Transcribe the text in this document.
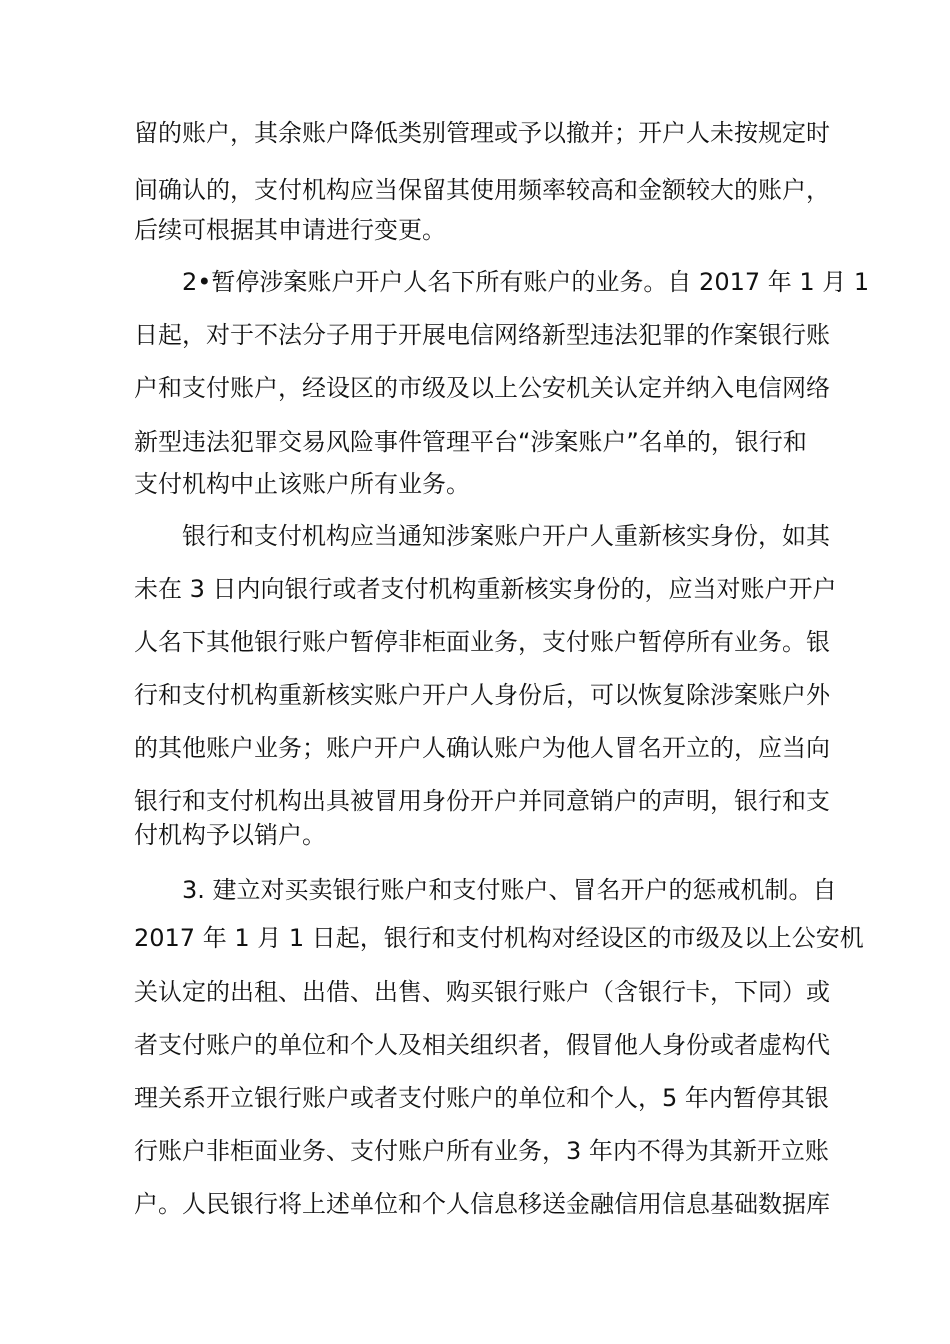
留的账户，其余账户降低类别管理或予以撤并；开户人未按规定时
间确认的，支付机构应当保留其使用频率较高和金额较大的账户，
后续可根据其申请进行变更。
2•暂停涉案账户开户人名下所有账户的业务。自 2017 年 1 月 1
日起，对于不法分子用于开展电信网络新型违法犯罪的作案银行账
户和支付账户，经设区的市级及以上公安机关认定并纳入电信网络
新型违法犯罪交易风险事件管理平台“涉案账户”名单的，银行和
支付机构中止该账户所有业务。
银行和支付机构应当通知涉案账户开户人重新核实身份，如其
未在 3 日内向银行或者支付机构重新核实身份的，应当对账户开户
人名下其他银行账户暂停非柜面业务，支付账户暂停所有业务。银
行和支付机构重新核实账户开户人身份后，可以恢复除涉案账户外
的其他账户业务；账户开户人确认账户为他人冒名开立的，应当向
银行和支付机构出具被冒用身份开户并同意销户的声明，银行和支
付机构予以销户。
3. 建立对买卖银行账户和支付账户、冒名开户的惩戒机制。自
2017 年 1 月 1 日起，银行和支付机构对经设区的市级及以上公安机
关认定的出租、出借、出售、购买银行账户（含银行卡，下同）或
者支付账户的单位和个人及相关组织者，假冒他人身份或者虚构代
理关系开立银行账户或者支付账户的单位和个人，5 年内暂停其银
行账户非柜面业务、支付账户所有业务，3 年内不得为其新开立账
户。人民银行将上述单位和个人信息移送金融信用信息基础数据库
